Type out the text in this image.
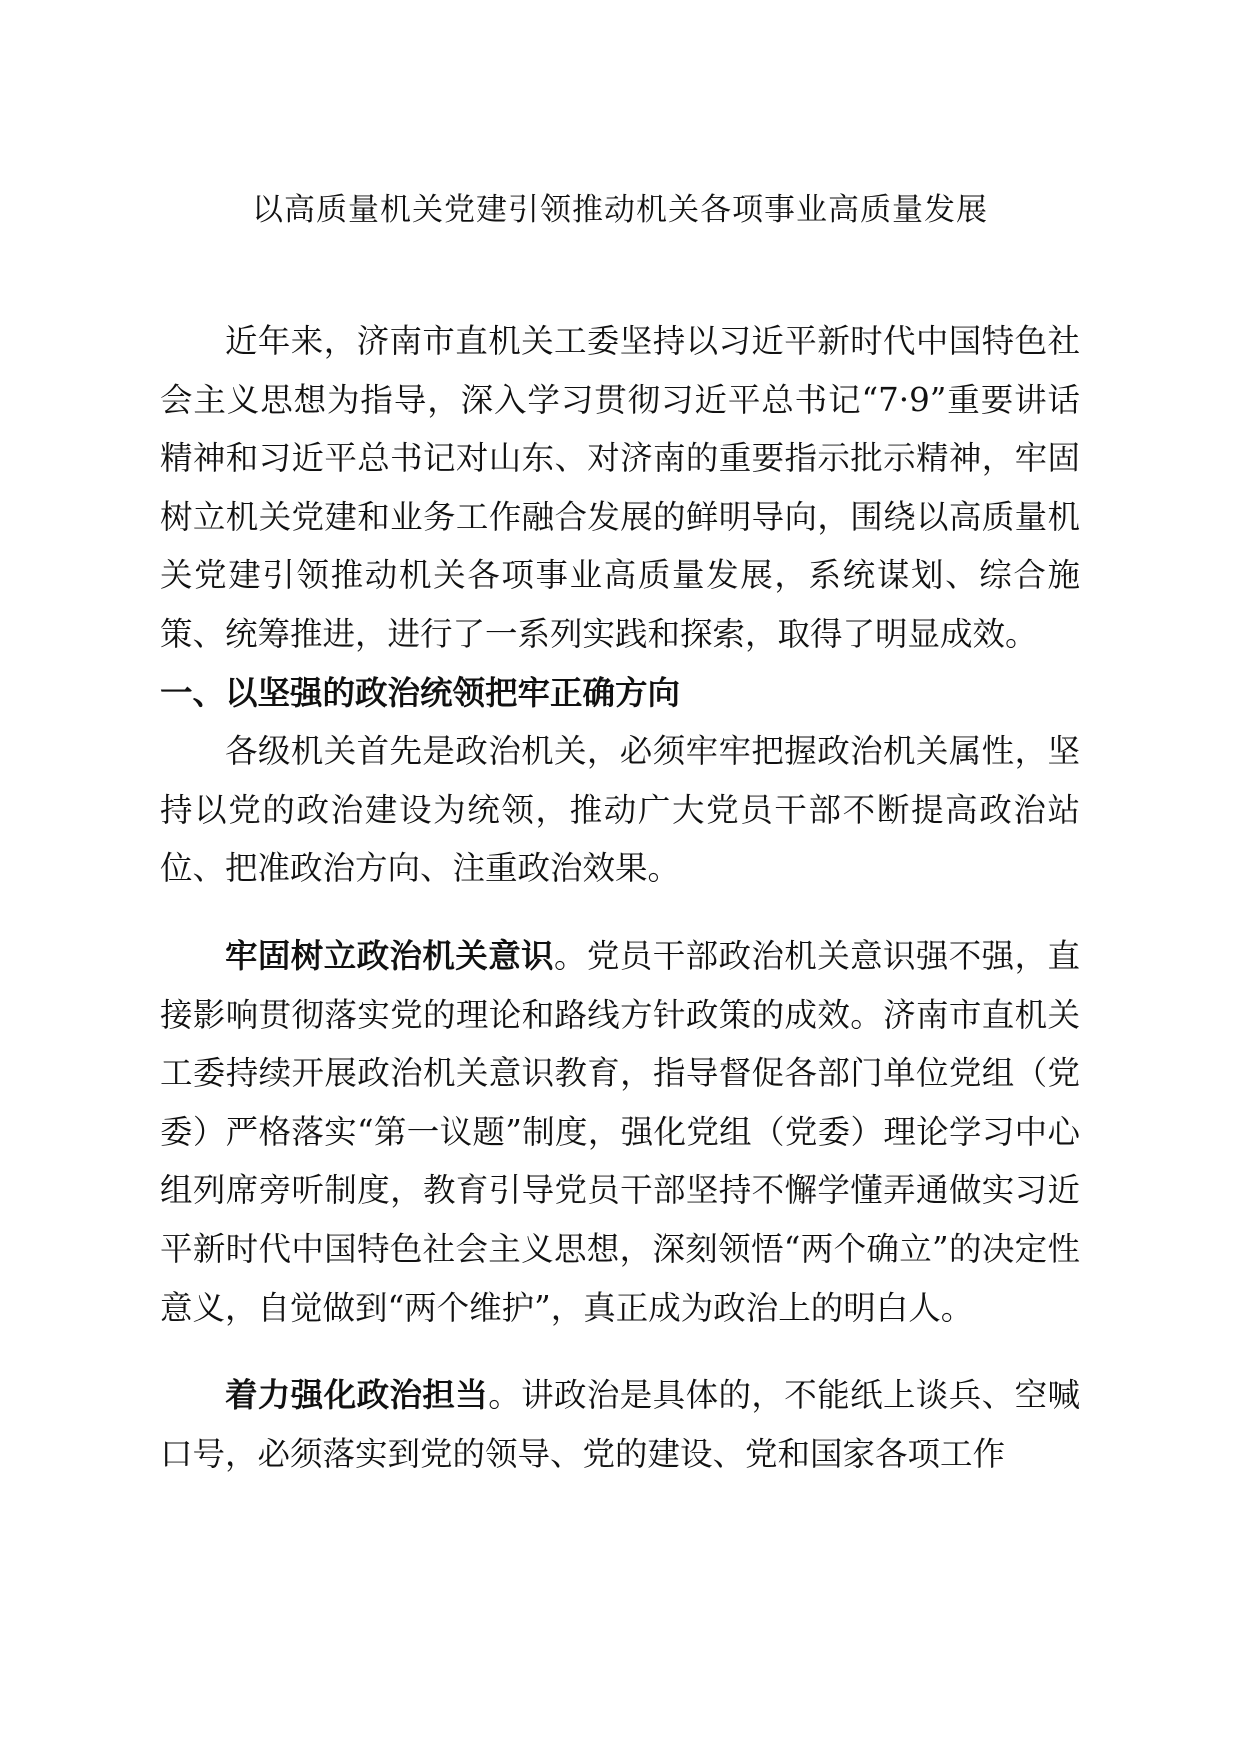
以高质量机关党建引领推动机关各项事业高质量发展

近年来，济南市直机关工委坚持以习近平新时代中国特色社会主义思想为指导，深入学习贯彻习近平总书记“7·9”重要讲话精神和习近平总书记对山东、对济南的重要指示批示精神，牢固树立机关党建和业务工作融合发展的鲜明导向，围绕以高质量机关党建引领推动机关各项事业高质量发展，系统谋划、综合施策、统筹推进，进行了一系列实践和探索，取得了明显成效。

一、以坚强的政治统领把牢正确方向

各级机关首先是政治机关，必须牢牢把握政治机关属性，坚持以党的政治建设为统领，推动广大党员干部不断提高政治站位、把准政治方向、注重政治效果。

牢固树立政治机关意识。党员干部政治机关意识强不强，直接影响贯彻落实党的理论和路线方针政策的成效。济南市直机关工委持续开展政治机关意识教育，指导督促各部门单位党组（党委）严格落实“第一议题”制度，强化党组（党委）理论学习中心组列席旁听制度，教育引导党员干部坚持不懈学懂弄通做实习近平新时代中国特色社会主义思想，深刻领悟“两个确立”的决定性意义，自觉做到“两个维护”，真正成为政治上的明白人。

着力强化政治担当。讲政治是具体的，不能纸上谈兵、空喊口号，必须落实到党的领导、党的建设、党和国家各项工作
